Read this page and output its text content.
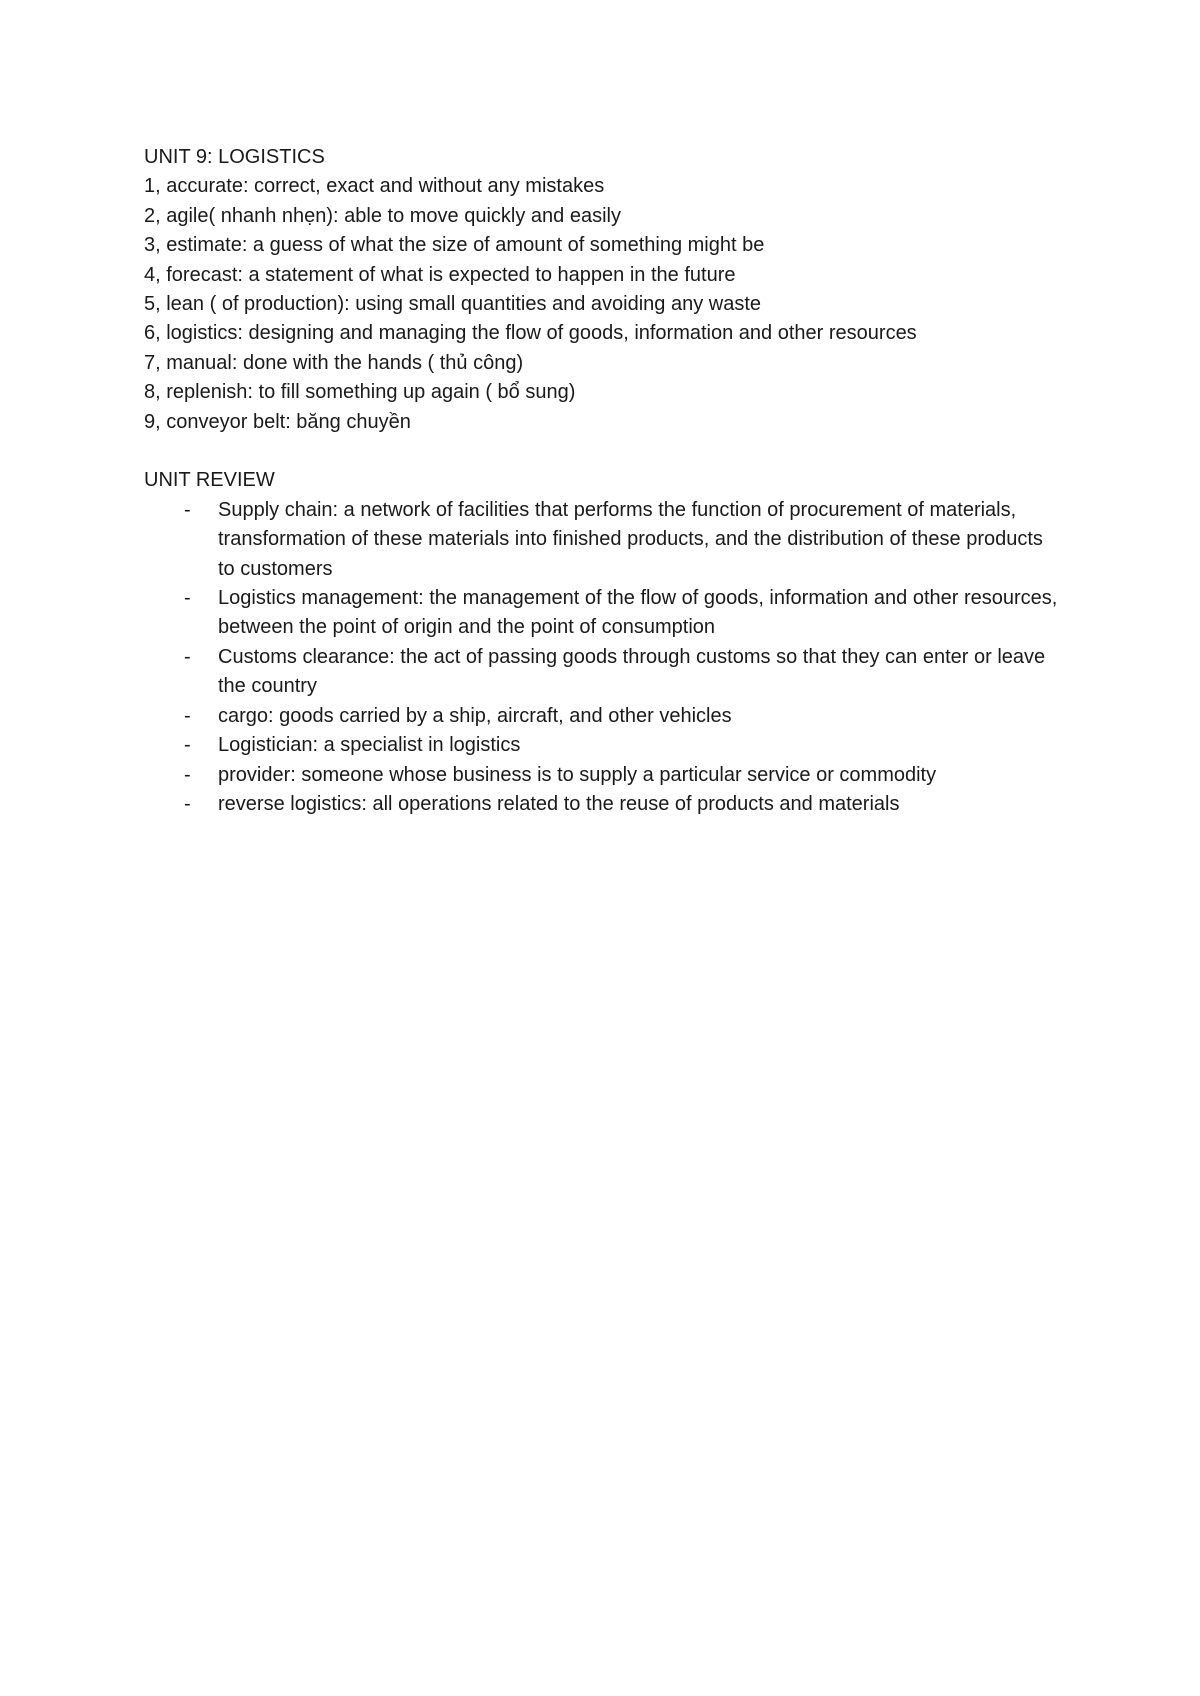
UNIT 9: LOGISTICS

1, accurate: correct, exact and without any mistakes

2, agile( nhanh nhẹn): able to move quickly and easily

3, estimate: a guess of what the size of amount of something might be

4, forecast: a statement of what is expected to happen in the future

5, lean ( of production): using small quantities and avoiding any waste

6, logistics: designing and managing the flow of goods, information and other resources

7, manual: done with the hands ( thủ công)

8, replenish: to fill something up again ( bổ sung)

9, conveyor belt: băng chuyền

UNIT REVIEW

- Supply chain: a network of facilities that performs the function of procurement of materials, transformation of these materials into finished products, and the distribution of these products to customers
- Logistics management: the management of the flow of goods, information and other resources, between the point of origin and the point of consumption
- Customs clearance: the act of passing goods through customs so that they can enter or leave the country
- cargo: goods carried by a ship, aircraft, and other vehicles
- Logistician: a specialist in logistics
- provider: someone whose business is to supply a particular service or commodity
- reverse logistics: all operations related to the reuse of products and materials
